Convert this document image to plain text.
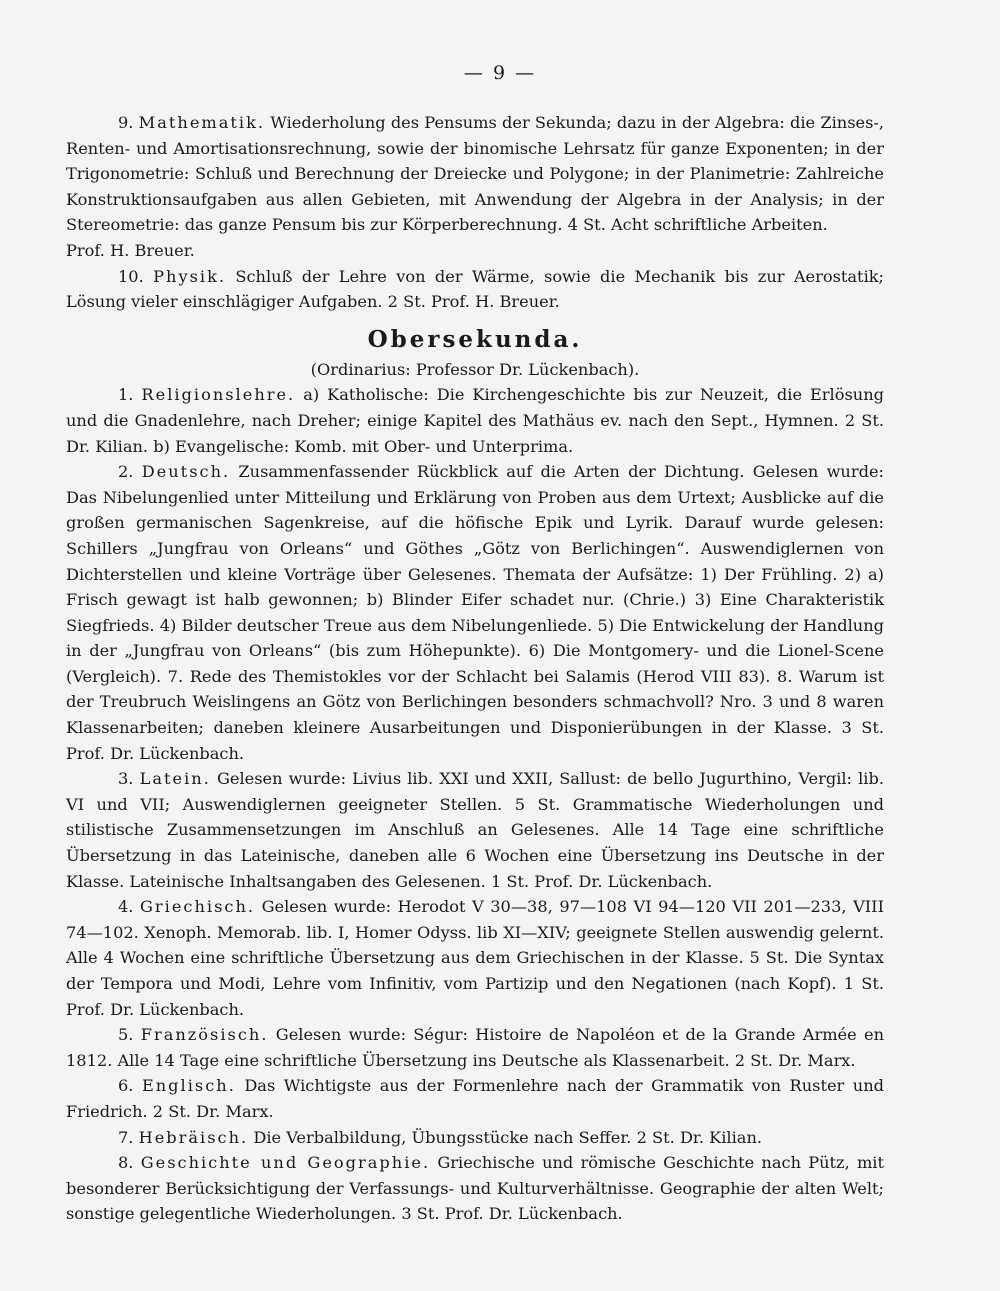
— 9 —

9. Mathematik. Wiederholung des Pensums der Sekunda; dazu in der Algebra: die Zinses-, Renten- und Amortisationsrechnung, sowie der binomische Lehrsatz für ganze Exponenten; in der Trigonometrie: Schluß und Berechnung der Dreiecke und Polygone; in der Planimetrie: Zahlreiche Konstruktionsaufgaben aus allen Gebieten, mit Anwendung der Algebra in der Analysis; in der Stereometrie: das ganze Pensum bis zur Körperberechnung. 4 St. Acht schriftliche Arbeiten.
Prof. H. Breuer.

10. Physik. Schluß der Lehre von der Wärme, sowie die Mechanik bis zur Aerostatik; Lösung vieler einschlägiger Aufgaben. 2 St. Prof. H. Breuer.

Obersekunda.

(Ordinarius: Professor Dr. Lückenbach).

1. Religionslehre. a) Katholische: Die Kirchengeschichte bis zur Neuzeit, die Erlösung und die Gnadenlehre, nach Dreher; einige Kapitel des Mathäus ev. nach den Sept., Hymnen. 2 St. Dr. Kilian. b) Evangelische: Komb. mit Ober- und Unterprima.

2. Deutsch. Zusammenfassender Rückblick auf die Arten der Dichtung. Gelesen wurde: Das Nibelungenlied unter Mitteilung und Erklärung von Proben aus dem Urtext; Ausblicke auf die großen germanischen Sagenkreise, auf die höfische Epik und Lyrik. Darauf wurde gelesen: Schillers „Jungfrau von Orleans“ und Göthes „Götz von Berlichingen“. Auswendiglernen von Dichterstellen und kleine Vorträge über Gelesenes. Themata der Aufsätze: 1) Der Frühling. 2) a) Frisch gewagt ist halb gewonnen; b) Blinder Eifer schadet nur. (Chrie.) 3) Eine Charakteristik Siegfrieds. 4) Bilder deutscher Treue aus dem Nibelungenliede. 5) Die Entwickelung der Handlung in der „Jungfrau von Orleans“ (bis zum Höhepunkte). 6) Die Montgomery- und die Lionel-Scene (Vergleich). 7. Rede des Themistokles vor der Schlacht bei Salamis (Herod VIII 83). 8. Warum ist der Treubruch Weislingens an Götz von Berlichingen besonders schmachvoll? Nro. 3 und 8 waren Klassenarbeiten; daneben kleinere Ausarbeitungen und Disponierübungen in der Klasse. 3 St. Prof. Dr. Lückenbach.

3. Latein. Gelesen wurde: Livius lib. XXI und XXII, Sallust: de bello Jugurthino, Vergil: lib. VI und VII; Auswendiglernen geeigneter Stellen. 5 St. Grammatische Wiederholungen und stilistische Zusammensetzungen im Anschluß an Gelesenes. Alle 14 Tage eine schriftliche Übersetzung in das Lateinische, daneben alle 6 Wochen eine Übersetzung ins Deutsche in der Klasse. Lateinische Inhaltsangaben des Gelesenen. 1 St. Prof. Dr. Lückenbach.

4. Griechisch. Gelesen wurde: Herodot V 30—38, 97—108 VI 94—120 VII 201—233, VIII 74—102. Xenoph. Memorab. lib. I, Homer Odyss. lib XI—XIV; geeignete Stellen auswendig gelernt. Alle 4 Wochen eine schriftliche Übersetzung aus dem Griechischen in der Klasse. 5 St. Die Syntax der Tempora und Modi, Lehre vom Infinitiv, vom Partizip und den Negationen (nach Kopf). 1 St. Prof. Dr. Lückenbach.

5. Französisch. Gelesen wurde: Ségur: Histoire de Napoléon et de la Grande Armée en 1812. Alle 14 Tage eine schriftliche Übersetzung ins Deutsche als Klassenarbeit. 2 St. Dr. Marx.

6. Englisch. Das Wichtigste aus der Formenlehre nach der Grammatik von Ruster und Friedrich. 2 St. Dr. Marx.

7. Hebräisch. Die Verbalbildung, Übungsstücke nach Seffer. 2 St. Dr. Kilian.

8. Geschichte und Geographie. Griechische und römische Geschichte nach Pütz, mit besonderer Berücksichtigung der Verfassungs- und Kulturverhältnisse. Geographie der alten Welt; sonstige gelegentliche Wiederholungen. 3 St. Prof. Dr. Lückenbach.
